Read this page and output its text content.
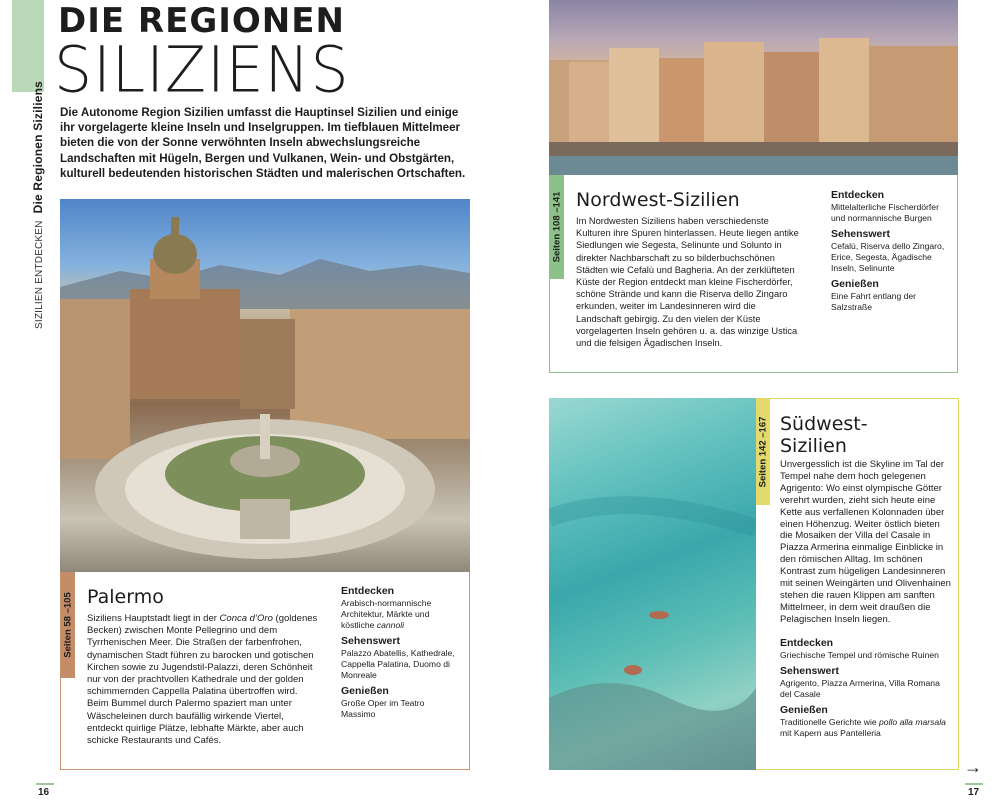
SIZILIEN ENTDECKEN Die Regionen Siziliens
DIE REGIONEN
SILIZIENS

Die Autonome Region Sizilien umfasst die Hauptinsel Sizilien und einige ihr vorgelagerte kleine Inseln und Inselgruppen. Im tiefblauen Mittelmeer bieten die von der Sonne verwöhnten Inseln abwechslungsreiche Landschaften mit Hügeln, Bergen und Vulkanen, Wein- und Obstgärten, kulturell bedeutenden historischen Städten und malerischen Ortschaften.

Seiten 58 –105 Palermo

Siziliens Hauptstadt liegt in der Conca d’Oro (goldenes Becken) zwischen Monte Pellegrino und dem Tyrrhenischen Meer. Die Straßen der farbenfrohen, dynamischen Stadt führen zu barocken und gotischen Kirchen sowie zu Jugendstil-Palazzi, deren Schönheit nur von der prachtvollen Kathedrale und der golden schimmernden Cappella Palatina übertroffen wird. Beim Bummel durch Palermo spaziert man unter Wäscheleinen durch baufällig wirkende Viertel, entdeckt quirlige Plätze, lebhafte Märkte, aber auch schicke Restaurants und Cafés.

Entdecken
Arabisch-normannische Architektur, Märkte und köstliche cannoli
Sehenswert
Palazzo Abatellis, Kathedrale, Cappella Palatina, Duomo di Monreale
Genießen
Große Oper im Teatro Massimo
16
Seiten 108 –141 Nordwest-Sizilien

Im Nordwesten Siziliens haben verschiedenste Kulturen ihre Spuren hinterlassen. Heute liegen antike Siedlungen wie Segesta, Selinunte und Solunto in direkter Nachbarschaft zu so bilderbuchschönen Städten wie Cefalù und Bagheria. An der zerklüfteten Küste der Region entdeckt man kleine Fischerdörfer, schöne Strände und kann die Riserva dello Zingaro erkunden, weiter im Landesinneren wird die Landschaft gebirgig. Zu den vielen der Küste vorgelagerten Inseln gehören u. a. das winzige Ustica und die felsigen Ägadischen Inseln.

Entdecken
Mittelalterliche Fischerdörfer und normannische Burgen
Sehenswert
Cefalù, Riserva dello Zingaro, Erice, Segesta, Ägadische Inseln, Selinunte
Genießen
Eine Fahrt entlang der Salzstraße
Seiten 142 –167 Südwest-
Sizilien

Unvergesslich ist die Skyline im Tal der Tempel nahe dem hoch gelegenen Agrigento: Wo einst olympische Götter verehrt wurden, zieht sich heute eine Kette aus verfallenen Kolonnaden über einen Höhenzug. Weiter östlich bieten die Mosaiken der Villa del Casale in Piazza Armerina einmalige Einblicke in den römischen Alltag. Im schönen Kontrast zum hügeligen Landesinneren mit seinen Weingärten und Olivenhainen stehen die rauen Klippen am sanften Mittelmeer, in dem weit draußen die Pelagischen Inseln liegen.

Entdecken
Griechische Tempel und römische Ruinen
Sehenswert
Agrigento, Piazza Armerina, Villa Romana del Casale
Genießen
Traditionelle Gerichte wie pollo alla marsala mit Kapern aus Pantelleria
→
17
